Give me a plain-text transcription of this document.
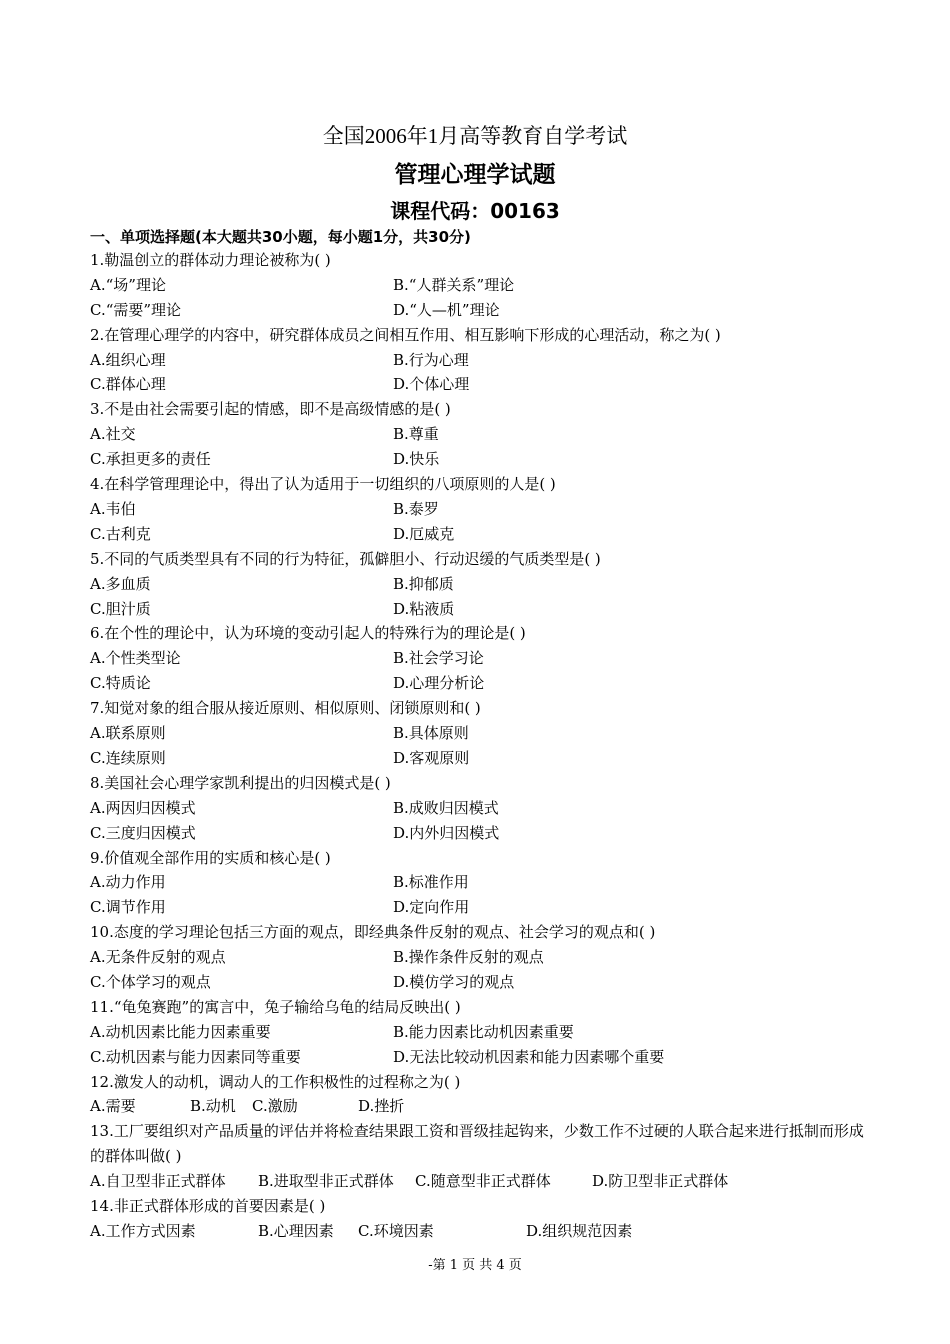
全国2006年1月高等教育自学考试
管理心理学试题
课程代码：00163
一、单项选择题(本大题共30小题，每小题1分，共30分)
1.勒温创立的群体动力理论被称为( )
A.“场”理论	B.“人群关系”理论
C.“需要”理论	D.“人—机”理论
2.在管理心理学的内容中，研究群体成员之间相互作用、相互影响下形成的心理活动，称之为( )
A.组织心理	B.行为心理
C.群体心理	D.个体心理
3.不是由社会需要引起的情感，即不是高级情感的是( )
A.社交	B.尊重
C.承担更多的责任	D.快乐
4.在科学管理理论中，得出了认为适用于一切组织的八项原则的人是( )
A.韦伯	B.泰罗
C.古利克	D.厄威克
5.不同的气质类型具有不同的行为特征，孤僻胆小、行动迟缓的气质类型是( )
A.多血质	B.抑郁质
C.胆汁质	D.粘液质
6.在个性的理论中，认为环境的变动引起人的特殊行为的理论是( )
A.个性类型论	B.社会学习论
C.特质论	D.心理分析论
7.知觉对象的组合服从接近原则、相似原则、闭锁原则和( )
A.联系原则	B.具体原则
C.连续原则	D.客观原则
8.美国社会心理学家凯利提出的归因模式是( )
A.两因归因模式	B.成败归因模式
C.三度归因模式	D.内外归因模式
9.价值观全部作用的实质和核心是( )
A.动力作用	B.标准作用
C.调节作用	D.定向作用
10.态度的学习理论包括三方面的观点，即经典条件反射的观点、社会学习的观点和( )
A.无条件反射的观点	B.操作条件反射的观点
C.个体学习的观点	D.模仿学习的观点
11.“龟兔赛跑”的寓言中，兔子输给乌龟的结局反映出( )
A.动机因素比能力因素重要	B.能力因素比动机因素重要
C.动机因素与能力因素同等重要	D.无法比较动机因素和能力因素哪个重要
12.激发人的动机，调动人的工作积极性的过程称之为( )
A.需要	B.动机 C.激励	D.挫折
13.工厂要组织对产品质量的评估并将检查结果跟工资和晋级挂起钩来，少数工作不过硬的人联合起来进行抵制而形成的群体叫做( )
A.自卫型非正式群体 B.进取型非正式群体 C.随意型非正式群体	D.防卫型非正式群体
14.非正式群体形成的首要因素是( )
A.工作方式因素	B.心理因素 C.环境因素	D.组织规范因素
-第 1 页 共 4 页
